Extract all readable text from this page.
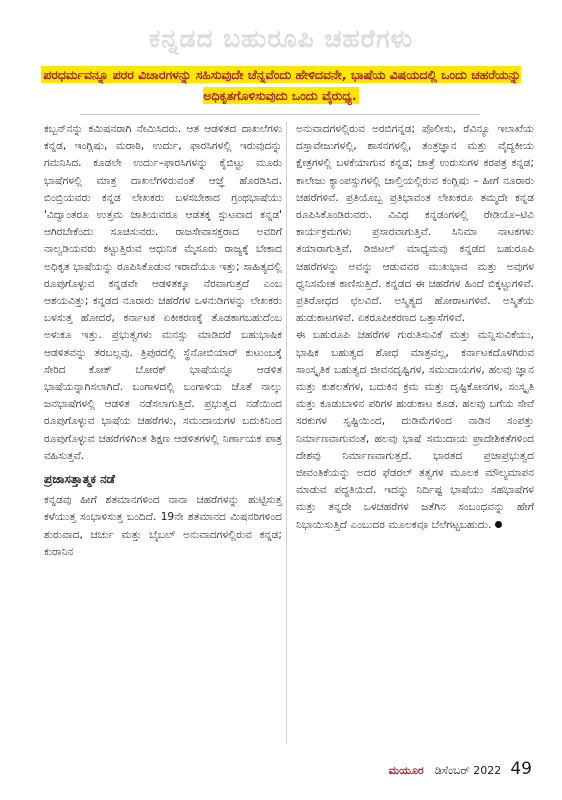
ಕನ್ನಡದ ಬಹುರೂಪಿ ಚಹರೆಗಳು
ಪರಧರ್ಮವನ್ನೂ ಪರರ ವಿಚಾರಗಳನ್ನು ಸಹಿಸುವುದೇ ಚೆನ್ನವೆಂದು ಹೇಳಿದವನೇ, ಭಾಷೆಯ ವಿಷಯದಲ್ಲಿ ಒಂದು ಚಹರೆಯನ್ನು ಅಧಿಕೃತಗೊಳಿಸುವುದು ಒಂದು ವೈರುಧ್ಯ.

ಕಬ್ಬನ್‌ನನ್ನು ಕಮಿಷನರಾಗಿ ನೇಮಿಸಿದರು. ಆತ ಆಡಳಿತದ ದಾಖಲೆಗಳು ಕನ್ನಡ, ಇಂಗ್ಲಿಷು, ಮರಾಠಿ, ಉರ್ದು, ಫಾರಸಿಗಳಲ್ಲಿ ಇರುವುದನ್ನು ಗಮನಿಸಿದ. ಕೂಡಲೇ ಉರ್ದು–ಫಾರಸಿಗಳನ್ನು ಕೈಬಿಟ್ಟು ಮೂರು ಭಾಷೆಗಳಲ್ಲಿ ಮಾತ್ರ ದಾಖಲೆಗಳಿರುವಂತೆ ಆಜ್ಞೆ ಹೊರಡಿಸಿದ. ಬಿಂಬ್ರಿಯವರು ಕನ್ನಡ ಲೇಖಕರು ಬಳಸಬೇಕಾದ ಗ್ರಂಥಭಾಷೆಯು 'ವಿದ್ವಾಂತರೂ ಉತ್ತಮ ಜಾತಿಯವರೂ ಆಡತಕ್ಕ ಸ್ಪುಟವಾದ ಕನ್ನಡ' ಆಗಿರಬೇಕೆಂದು ಸೂಚಿಸುವರು. ರಾಜಸೇವಾಸಕ್ತರಾದ ಅವರಿಗೆ ನಾಲ್ವಡಿಯವರು ಕಟ್ಟುತ್ತಿರುವ ಆಧುನಿಕ ಮೈಸೂರು ರಾಜ್ಯಕ್ಕೆ ಬೇಕಾದ ಅಧಿಕೃತ ಭಾಷೆಯನ್ನು ರೂಪಿಸಿಕೊಡುವ ಇರಾದೆಯೂ ಇತ್ತು; ಸಾಹಿತ್ಯದಲ್ಲಿ ರೂಪುಗೊಳ್ಳುವ ಕನ್ನಡವೇ ಆಡಳಿತಕ್ಕೂ ನೆರವಾಗುತ್ತದೆ ಎಂಬ ಆಶಯವಿತ್ತು; ಕನ್ನಡದ ನೂರಾರು ಚಹರೆಗಳ ಒಳನುಡಿಗಳನ್ನು ಲೇಖಕರು ಬಳಸುತ್ತ ಹೋದರೆ, ಕರ್ನಾಟಕ ಏಕೀಕರಣಕ್ಕೆ ತೊಡಕಾಗಬಹುದೆಂಬ ಅಳುಕೂ ಇತ್ತು. ಪ್ರಭುತ್ವಗಳು ಮನಸ್ಸು ಮಾಡಿದರೆ ಬಹುಭಾಷಿಕ ಆಡಳಿತವನ್ನು ತರಬಲ್ಲವು. ತ್ರಿಪುರದಲ್ಲಿ ಸ್ಥೆನೋಬಿಯಾರ್ ಕುಟುಂಬಕ್ಕೆ ಸೇರಿದ ಕೋಕ್ ಬೋರಕ್ ಭಾಷೆಯನ್ನೂ ಆಡಳಿತ ಭಾಷೆಯನ್ನಾಗಿಸಲಾಗಿದೆ. ಬಂಗಾಳದಲ್ಲಿ ಬಂಗಾಳಿಯ ಜೊತೆ ನಾಲ್ಕು ಜನಭಾಷೆಗಳಲ್ಲಿ ಆಡಳಿತ ನಡೆಸಲಾಗುತ್ತಿದೆ. ಪ್ರಭುತ್ವದ ನಡೆಯಿಂದ ರೂಪುಗೊಳ್ಳುವ ಭಾಷೆಯ ಚಹರೆಗಳು, ಸಮುದಾಯಗಳ ಬದುಕಿನಿಂದ ರೂಪುಗೊಳ್ಳುವ ಚಹರೆಗಳಿಗಿಂತ ಶಿಕ್ಷಣ ಆಡಳಿತಗಳಲ್ಲಿ ನಿರ್ಣಾಯಕ ಪಾತ್ರ ವಹಿಸುತ್ತವೆ.

ಪ್ರಜಾಸತ್ತಾತ್ಮಕ ನಡೆ

ಕನ್ನಡವು ಹೀಗೆ ಶತಮಾನಗಳಿಂದ ನಾನಾ ಚಹರೆಗಳನ್ನು ಹುಟ್ಟಿಸುತ್ತ ಕಳೆಯುತ್ತ ಸಂಭಾಳಿಸುತ್ತ ಬಂದಿದೆ. 19ನೇ ಶತಮಾನದ ಮಿಷನರಿಗಳಿಂದ ಶುರುವಾದ, ಚರ್ಚು ಮತ್ತು ಬೈಬಲ್ ಅನುವಾದಗಳಲ್ಲಿರುವ ಕನ್ನಡ; ಕುರಾನಿನ

ಅನುವಾದಗಳಲ್ಲಿರುವ ಅರಬಿಗನ್ನಡ; ಪೊಲೀಸು, ರೆವಿನ್ಯೂ ಇಲಾಖೆಯ ದಸ್ತಾವೇಜುಗಳಲ್ಲಿ, ಶಾಸನಗಳಲ್ಲಿ, ತಂತ್ರಜ್ಞಾನ ಮತ್ತು ವೈದ್ಯಕೀಯ ಕ್ಷೇತ್ರಗಳಲ್ಲಿ ಬಳಕೆಯಾಗುವ ಕನ್ನಡ; ಜಾತ್ರೆ ಉರುಸುಗಳ ಕರಪತ್ರ ಕನ್ನಡ; ಕಾಲೇಜು ಕ್ಯಾಂಪಸ್ಸುಗಳಲ್ಲಿ ಚಾಲ್ತಿಯಲ್ಲಿರುವ ಕಂಗ್ಲಿಷು – ಹೀಗೆ ನೂರಾರು ಚಹರೆಗಳಿವೆ. ಪ್ರತಿಯೊಬ್ಬ ಪ್ರತಿಭಾವಂತ ಲೇಖಕರೂ ತಮ್ಮದೇ ಕನ್ನಡ ರೂಪಿಸಿಕೊಂಡಿರುವರು. ವಿವಿಧ ಕನ್ನಡಂಗಳಲ್ಲಿ ರೇಡಿಯೊ–ಟಿವಿ ಕಾರ್ಯಕ್ರಮಗಳು ಪ್ರಸಾರವಾಗುತ್ತಿವೆ. ಸಿನಿಮಾ ನಾಟಕಗಳು ತಯಾರಾಗುತ್ತಿವೆ. ಡಿಜಿಟಲ್ ಮಾಧ್ಯಮವು ಕನ್ನಡದ ಬಹುರೂಪಿ ಚಹರೆಗಳನ್ನು ಅವನ್ನು ಆಡುವವರ ಮುಖಭಾವ ಮತ್ತು ಅವುಗಳ ಧ್ವನಿಸಮೇತ ಕಾಣಿಸುತ್ತಿದೆ. ಕನ್ನಡದ ಈ ಚಹರೆಗಳ ಹಿಂದೆ ಬಿಕ್ಕಟ್ಟುಗಳಿವೆ. ಪ್ರತಿರೋಧದ ಛಲವಿದೆ. ಅಸ್ಮಿತ್ಯದ ಹೋರಾಟಗಳಿವೆ. ಅಸ್ಮಿತೆಯ ಹುಡುಕಾಟಗಳಿವೆ. ಏಕರೂಪೀಕರಣದ ಒತ್ತಾಸೆಗಳಿವೆ.

ಈ ಬಹುರೂಪಿ ಚಹರೆಗಳ ಗುರುತಿಸುವಿಕೆ ಮತ್ತು ಮನ್ನಿಸುವಿಕೆಯು, ಭಾಷಿಕ ಬಹುತ್ವದ ಶೋಧ ಮಾತ್ರವಲ್ಲ, ಕರ್ನಾಟಕದೊಳಗಿರುವ ಸಾಂಸ್ಕೃತಿಕ ಬಹುತ್ವದ ಜೀವನದೃಷ್ಟಿಗಳ, ಸಮುದಾಯಗಳ, ಹಲವು ಜ್ಞಾನ ಮತ್ತು ಕುಶಲತೆಗಳ, ಬದುಕಿನ ಕ್ರಮ ಮತ್ತು ದೃಷ್ಟಿಕೋನಗಳ, ಸಂಸ್ಕೃತಿ ಮತ್ತು ಕೂಡುಬಾಳಿನ ಪರಿಗಳ ಹುಡುಕಾಟ ಕೂಡ. ಹಲವು ಬಗೆಯ ಸೇವೆ ಸರಕುಗಳ ಸೃಷ್ಟಿಯಿಂದ, ದುಡಿಮೆಗಳಿಂದ ನಾಡಿನ ಸಂಪತ್ತು ನಿರ್ಮಾಣವಾಗುವಂತೆ, ಹಲವು ಭಾಷೆ ಸಮುದಾಯ ಪ್ರಾದೇಶಿಕತೆಗಳಿಂದ ದೇಶವು ನಿರ್ಮಾಣವಾಗುತ್ತದೆ. ಭಾರತದ ಪ್ರಜಾಪ್ರಭುತ್ವದ ಜೀವಂತಿಕೆಯನ್ನು ಅದರ ಫೆಡರಲ್ ತತ್ವಗಳ ಮೂಲಕ ಮೌಲ್ಯಮಾಪನ ಮಾಡುವ ಪದ್ಧತಿಯಿದೆ. ಇದನ್ನು ನಿರ್ದಿಷ್ಟ ಭಾಷೆಯು ಸಹಭಾಷೆಗಳ ಮತ್ತು ತನ್ನದೇ ಒಳಚಹರೆಗಳ ಜತೆಗಿನ ಸಂಬಂಧವನ್ನು ಹೇಗೆ ನಿಭಾಯಿಸುತ್ತಿದೆ ಎಂಬುದರ ಮೂಲಕವೂ ಬೆಲೆಗಟ್ಟಬಹುದು.

ಮಯೂರ ಡಿಸೆಂಬರ್ 2022 49
